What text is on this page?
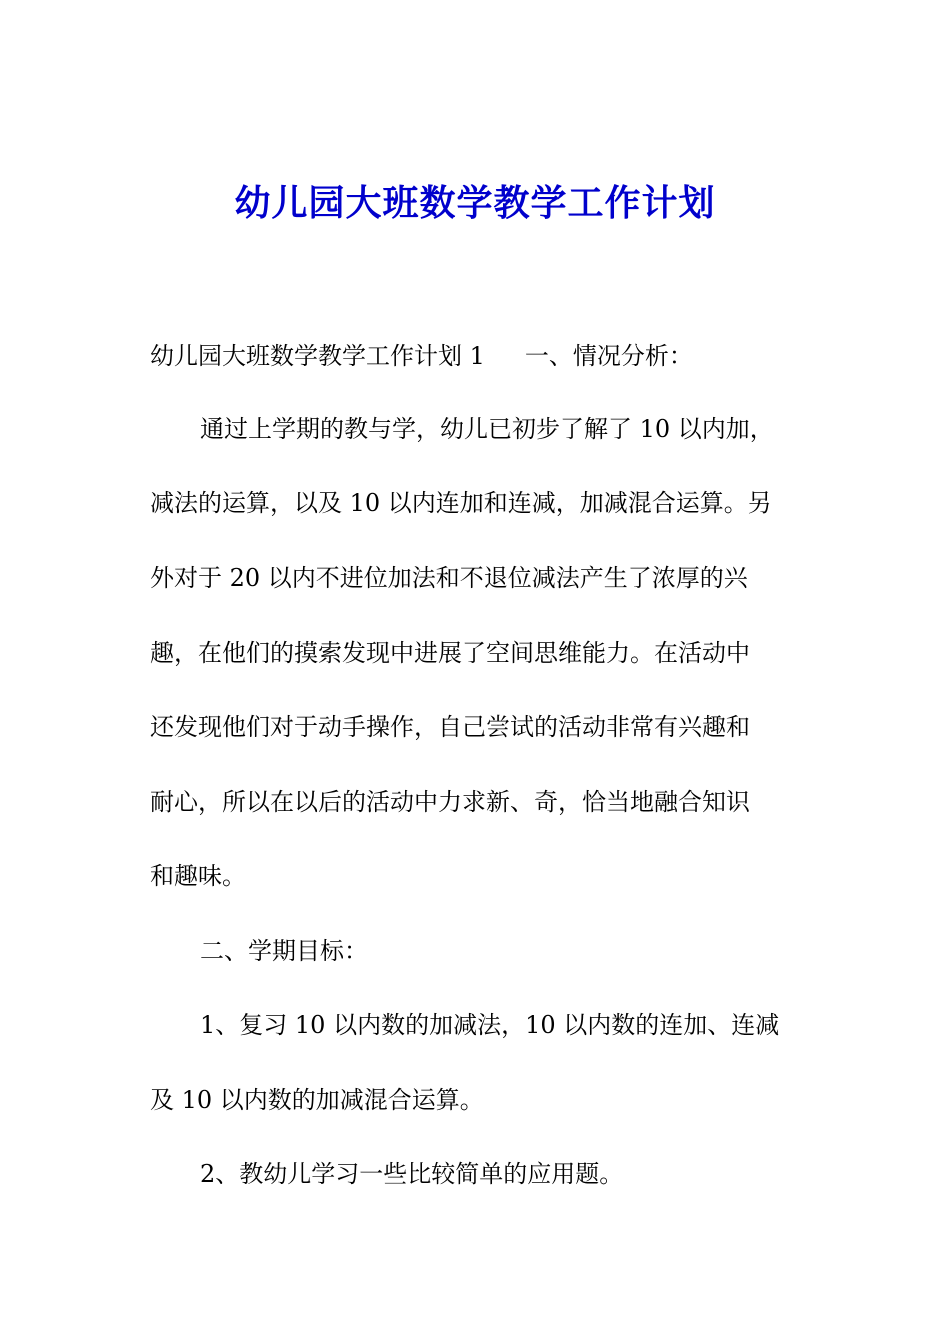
幼儿园大班数学教学工作计划
幼儿园大班数学教学工作计划 1 一、情况分析：
通过上学期的教与学，幼儿已初步了解了 10 以内加，
减法的运算，以及 10 以内连加和连减，加减混合运算。另
外对于 20 以内不进位加法和不退位减法产生了浓厚的兴
趣，在他们的摸索发现中进展了空间思维能力。在活动中
还发现他们对于动手操作，自己尝试的活动非常有兴趣和
耐心，所以在以后的活动中力求新、奇，恰当地融合知识
和趣味。
二、学期目标：
1、复习 10 以内数的加减法，10 以内数的连加、连减
及 10 以内数的加减混合运算。
2、教幼儿学习一些比较简单的应用题。
